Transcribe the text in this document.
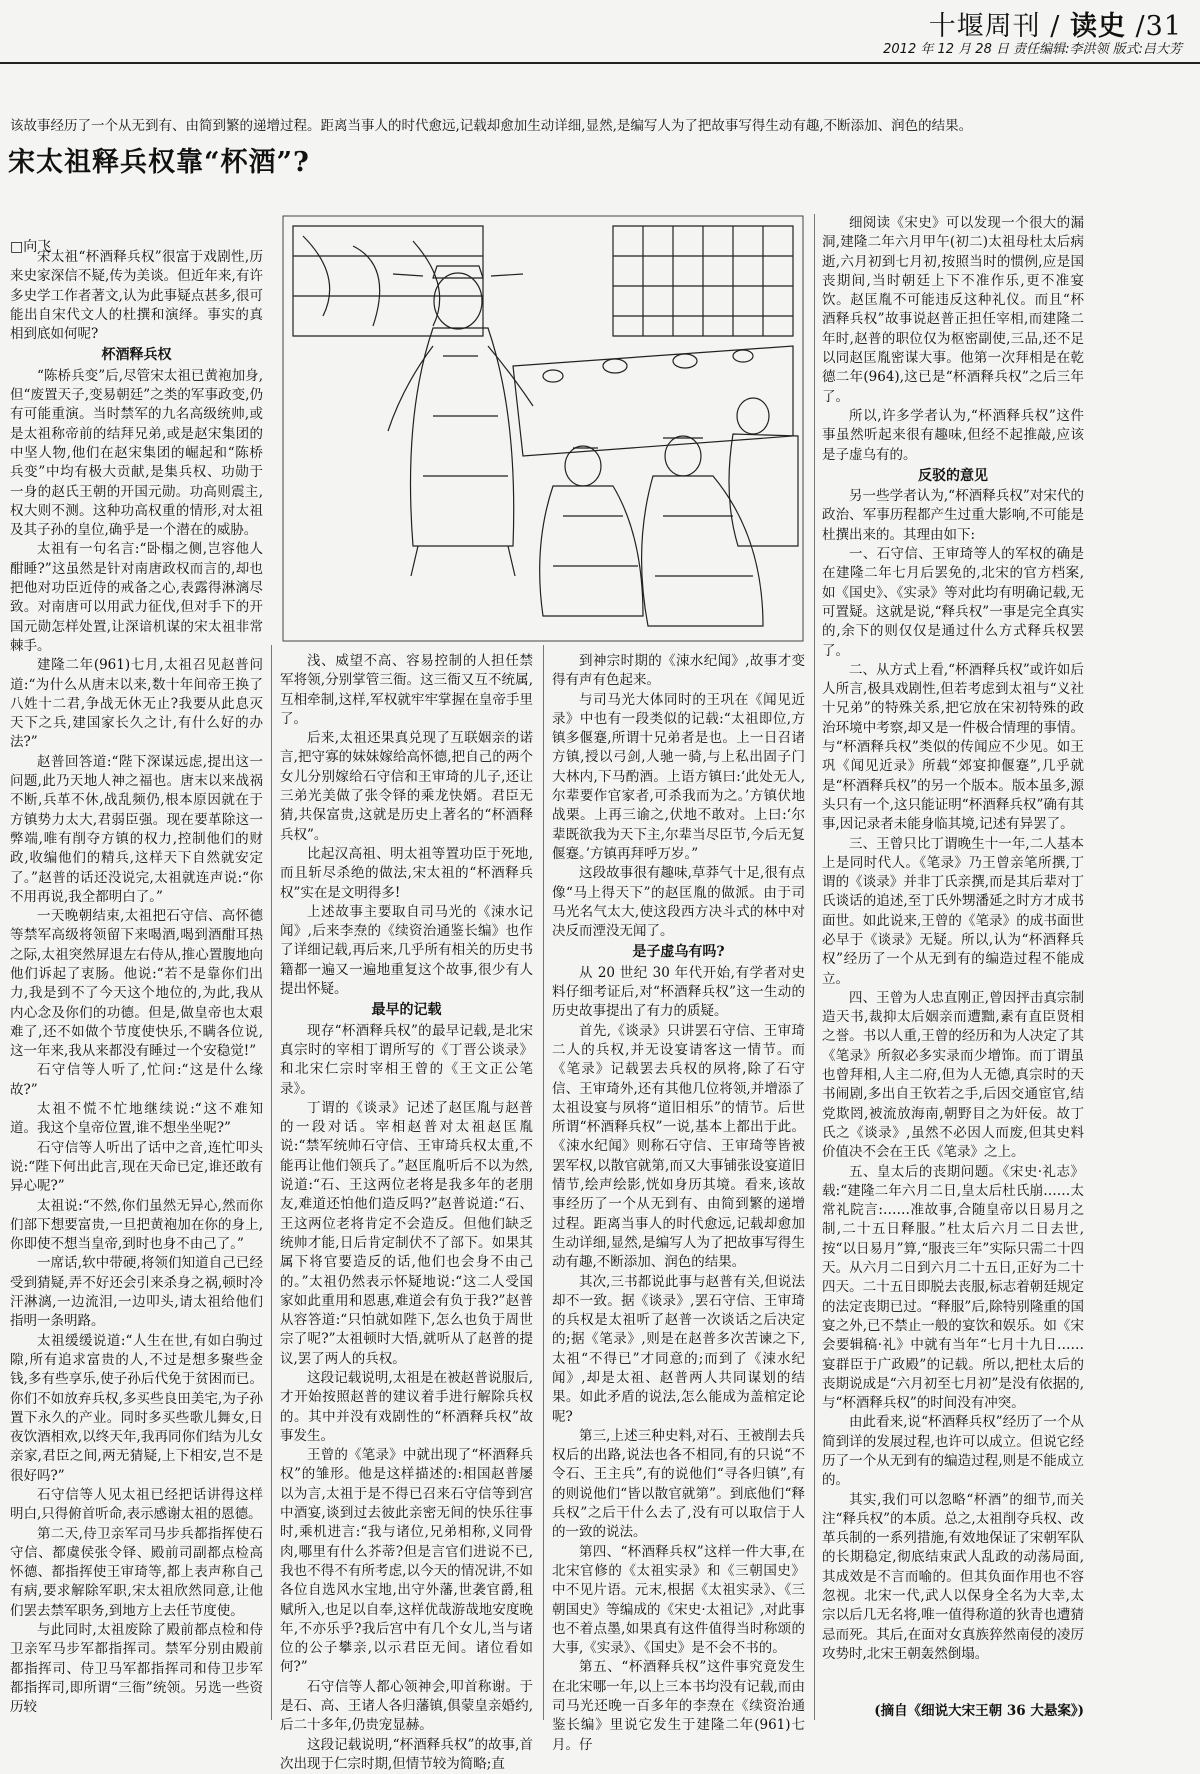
十堰周刊 / 读史 /31
2012 年 12 月 28 日 责任编辑:李洪领 版式:吕大芳
该故事经历了一个从无到有、由简到繁的递增过程。距离当事人的时代愈远,记载却愈加生动详细,显然,是编写人为了把故事写得生动有趣,不断添加、润色的结果。
宋太祖释兵权靠“杯酒”?
□向飞

宋太祖“杯酒释兵权”很富于戏剧性,历来史家深信不疑,传为美谈。但近年来,有许多史学工作者著文,认为此事疑点甚多,很可能出自宋代文人的杜撰和演绎。事实的真相到底如何呢?

杯酒释兵权

“陈桥兵变”后,尽管宋太祖已黄袍加身,但“废置天子,变易朝廷”之类的军事政变,仍有可能重演。当时禁军的九名高级统帅,或是太祖称帝前的结拜兄弟,或是赵宋集团的中坚人物,他们在赵宋集团的崛起和“陈桥兵变”中均有极大贡献,是集兵权、功勋于一身的赵氏王朝的开国元勋。功高则震主,权大则不测。这种功高权重的情形,对太祖及其子孙的皇位,确乎是一个潜在的威胁。

太祖有一句名言:“卧榻之侧,岂容他人酣睡?”这虽然是针对南唐政权而言的,却也把他对功臣近侍的戒备之心,表露得淋漓尽致。对南唐可以用武力征伐,但对手下的开国元勋怎样处置,让深谙机谋的宋太祖非常棘手。

建隆二年(961)七月,太祖召见赵普问道:“为什么从唐末以来,数十年间帝王换了八姓十二君,争战无休无止?我要从此息灭天下之兵,建国家长久之计,有什么好的办法?”

赵普回答道:“陛下深谋远虑,提出这一问题,此乃天地人神之福也。唐末以来战祸不断,兵革不休,战乱频仍,根本原因就在于方镇势力太大,君弱臣强。现在要革除这一弊端,唯有削夺方镇的权力,控制他们的财政,收编他们的精兵,这样天下自然就安定了。”赵普的话还没说完,太祖就连声说:“你不用再说,我全都明白了。”

一天晚朝结束,太祖把石守信、高怀德等禁军高级将领留下来喝酒,喝到酒酣耳热之际,太祖突然屏退左右侍从,推心置腹地向他们诉起了衷肠。他说:“若不是靠你们出力,我是到不了今天这个地位的,为此,我从内心念及你们的功德。但是,做皇帝也太艰难了,还不如做个节度使快乐,不瞒各位说,这一年来,我从来都没有睡过一个安稳觉!”

石守信等人听了,忙问:“这是什么缘故?”

太祖不慌不忙地继续说:“这不难知道。我这个皇帝位置,谁不想坐坐呢?”

石守信等人听出了话中之音,连忙叩头说:“陛下何出此言,现在天命已定,谁还敢有异心呢?”

太祖说:“不然,你们虽然无异心,然而你们部下想要富贵,一旦把黄袍加在你的身上,你即使不想当皇帝,到时也身不由己了。”

一席话,软中带硬,将领们知道自己已经受到猜疑,弄不好还会引来杀身之祸,顿时冷汗淋漓,一边流泪,一边叩头,请太祖给他们指明一条明路。

太祖缓缓说道:“人生在世,有如白驹过隙,所有追求富贵的人,不过是想多聚些金钱,多有些享乐,使子孙后代免于贫困而已。你们不如放弃兵权,多买些良田美宅,为子孙置下永久的产业。同时多买些歌儿舞女,日夜饮酒相欢,以终天年,我再同你们结为儿女亲家,君臣之间,两无猜疑,上下相安,岂不是很好吗?”

石守信等人见太祖已经把话讲得这样明白,只得俯首听命,表示感谢太祖的恩德。

第二天,侍卫亲军司马步兵都指挥使石守信、都虞侯张令铎、殿前司副都点检高怀德、都指挥使王审琦等,都上表声称自己有病,要求解除军职,宋太祖欣然同意,让他们罢去禁军职务,到地方上去任节度使。

与此同时,太祖废除了殿前都点检和侍卫亲军马步军都指挥司。禁军分别由殿前都指挥司、侍卫马军都指挥司和侍卫步军都指挥司,即所谓“三衙”统领。另选一些资历较

浅、威望不高、容易控制的人担任禁军将领,分别掌管三衙。这三衙又互不统属,互相牵制,这样,军权就牢牢掌握在皇帝手里了。

后来,太祖还果真兑现了互联姻亲的诺言,把守寡的妹妹嫁给高怀德,把自己的两个女儿分别嫁给石守信和王审琦的儿子,还让三弟光美做了张令铎的乘龙快婿。君臣无猜,共保富贵,这就是历史上著名的“杯酒释兵权”。

比起汉高祖、明太祖等置功臣于死地,而且斩尽杀绝的做法,宋太祖的“杯酒释兵权”实在是文明得多!

上述故事主要取自司马光的《涑水记闻》,后来李焘的《续资治通鉴长编》也作了详细记载,再后来,几乎所有相关的历史书籍都一遍又一遍地重复这个故事,很少有人提出怀疑。

最早的记载

现存“杯酒释兵权”的最早记载,是北宋真宗时的宰相丁谓所写的《丁晋公谈录》和北宋仁宗时宰相王曾的《王文正公笔录》。

丁谓的《谈录》记述了赵匡胤与赵普的一段对话。宰相赵普对太祖赵匡胤说:“禁军统帅石守信、王审琦兵权太重,不能再让他们领兵了。”赵匡胤听后不以为然,说道:“石、王这两位老将是我多年的老朋友,难道还怕他们造反吗?”赵普说道:“石、王这两位老将肯定不会造反。但他们缺乏统帅才能,日后肯定制伏不了部下。如果其属下将官要造反的话,他们也会身不由己的。”太祖仍然表示怀疑地说:“这二人受国家如此重用和恩惠,难道会有负于我?”赵普从容答道:“只怕就如陛下,怎么也负于周世宗了呢?”太祖顿时大悟,就听从了赵普的提议,罢了两人的兵权。

这段记载说明,太祖是在被赵普说服后,才开始按照赵普的建议着手进行解除兵权的。其中并没有戏剧性的“杯酒释兵权”故事发生。

王曾的《笔录》中就出现了“杯酒释兵权”的雏形。他是这样描述的:相国赵普屡以为言,太祖于是不得已召来石守信等到宫中酒宴,谈到过去彼此亲密无间的快乐往事时,乘机进言:“我与诸位,兄弟相称,义同骨肉,哪里有什么芥蒂?但是言官们进说不已,我也不得不有所考虑,以今天的情况讲,不如各位自选风水宝地,出守外藩,世袭官爵,租赋所入,也足以自奉,这样优哉游哉地安度晚年,不亦乐乎?我后宫中有几个女儿,当与诸位的公子攀亲,以示君臣无间。诸位看如何?”

石守信等人都心领神会,叩首称谢。于是石、高、王诸人各归藩镇,俱蒙皇亲婚约,后二十多年,仍贵宠显赫。

这段记载说明,“杯酒释兵权”的故事,首次出现于仁宗时期,但情节较为简略;直

到神宗时期的《涑水纪闻》,故事才变得有声有色起来。

与司马光大体同时的王巩在《闻见近录》中也有一段类似的记载:“太祖即位,方镇多偃蹇,所谓十兄弟者是也。上一日召诸方镇,授以弓剑,人驰一骑,与上私出固子门大林内,下马酌酒。上语方镇曰:‘此处无人,尔辈要作官家者,可杀我而为之。’方镇伏地战栗。上再三谕之,伏地不敢对。上曰:‘尔辈既欲我为天下主,尔辈当尽臣节,今后无复偃蹇。’方镇再拜呼万岁。”

这段故事很有趣味,草莽气十足,很有点像“马上得天下”的赵匡胤的做派。由于司马光名气太大,使这段西方决斗式的林中对决反而湮没无闻了。

是子虚乌有吗?

从 20 世纪 30 年代开始,有学者对史料仔细考证后,对“杯酒释兵权”这一生动的历史故事提出了有力的质疑。

首先,《谈录》只讲罢石守信、王审琦二人的兵权,并无设宴请客这一情节。而《笔录》记载罢去兵权的夙将,除了石守信、王审琦外,还有其他几位将领,并增添了太祖设宴与夙将“道旧相乐”的情节。后世所谓“杯酒释兵权”一说,基本上都出于此。《涑水纪闻》则称石守信、王审琦等皆被罢军权,以散官就第,而又大事铺张设宴道旧情节,绘声绘影,恍如身历其境。看来,该故事经历了一个从无到有、由简到繁的递增过程。距离当事人的时代愈远,记载却愈加生动详细,显然,是编写人为了把故事写得生动有趣,不断添加、润色的结果。

其次,三书都说此事与赵普有关,但说法却不一致。据《谈录》,罢石守信、王审琦的兵权是太祖听了赵普一次谈话之后决定的;据《笔录》,则是在赵普多次苦谏之下,太祖“不得已”才同意的;而到了《涑水纪闻》,却是太祖、赵普两人共同谋划的结果。如此矛盾的说法,怎么能成为盖棺定论呢?

第三,上述三种史料,对石、王被削去兵权后的出路,说法也各不相同,有的只说“不令石、王主兵”,有的说他们“寻各归镇”,有的则说他们“皆以散官就第”。到底他们“释兵权”之后干什么去了,没有可以取信于人的一致的说法。

第四、“杯酒释兵权”这样一件大事,在北宋官修的《太祖实录》和《三朝国史》中不见片语。元末,根据《太祖实录》、《三朝国史》等编成的《宋史·太祖记》,对此事也不着点墨,如果真有这件值得当时称颂的大事,《实录》、《国史》是不会不书的。

第五、“杯酒释兵权”这件事究竟发生在北宋哪一年,以上三本书均没有记载,而由司马光还晚一百多年的李焘在《续资治通鉴长编》里说它发生于建隆二年(961)七月。仔

细阅读《宋史》可以发现一个很大的漏洞,建隆二年六月甲午(初二)太祖母杜太后病逝,六月初到七月初,按照当时的惯例,应是国丧期间,当时朝廷上下不准作乐,更不准宴饮。赵匡胤不可能违反这种礼仪。而且“杯酒释兵权”故事说赵普正担任宰相,而建隆二年时,赵普的职位仅为枢密副使,三品,还不足以同赵匡胤密谋大事。他第一次拜相是在乾德二年(964),这已是“杯酒释兵权”之后三年了。

所以,许多学者认为,“杯酒释兵权”这件事虽然听起来很有趣味,但经不起推敲,应该是子虚乌有的。

反驳的意见

另一些学者认为,“杯酒释兵权”对宋代的政治、军事历程都产生过重大影响,不可能是杜撰出来的。其理由如下:

一、石守信、王审琦等人的军权的确是在建隆二年七月后罢免的,北宋的官方档案,如《国史》、《实录》等对此均有明确记载,无可置疑。这就是说,“释兵权”一事是完全真实的,余下的则仅仅是通过什么方式释兵权罢了。

二、从方式上看,“杯酒释兵权”或许如后人所言,极具戏剧性,但若考虑到太祖与“义社十兄弟”的特殊关系,把它放在宋初特殊的政治环境中考察,却又是一件极合情理的事情。与“杯酒释兵权”类似的传闻应不少见。如王巩《闻见近录》所载“郊宴抑偃蹇”,几乎就是“杯酒释兵权”的另一个版本。版本虽多,源头只有一个,这只能证明“杯酒释兵权”确有其事,因记录者未能身临其境,记述有异罢了。

三、王曾只比丁谓晚生十一年,二人基本上是同时代人。《笔录》乃王曾亲笔所撰,丁谓的《谈录》并非丁氏亲撰,而是其后辈对丁氏谈话的追述,至丁氏外甥潘延之时方才成书面世。如此说来,王曾的《笔录》的成书面世必早于《谈录》无疑。所以,认为“杯酒释兵权”经历了一个从无到有的编造过程不能成立。

四、王曾为人忠直刚正,曾因抨击真宗制造天书,裁抑太后姻亲而遭黜,素有直臣贤相之誉。书以人重,王曾的经历和为人决定了其《笔录》所叙必多实录而少增饰。而丁谓虽也曾拜相,人主二府,但为人无德,真宗时的天书闹剧,多出自王钦若之手,后因交通宦官,结党欺罔,被流放海南,朝野目之为奸佞。故丁氏之《谈录》,虽然不必因人而废,但其史料价值决不会在王氏《笔录》之上。

五、皇太后的丧期问题。《宋史·礼志》载:“建隆二年六月二日,皇太后杜氏崩……太常礼院言:……准故事,合随皇帝以日易月之制,二十五日释服。”杜太后六月二日去世,按“以日易月”算,“服丧三年”实际只需二十四天。从六月二日到六月二十五日,正好为二十四天。二十五日即脱去丧服,标志着朝廷规定的法定丧期已过。“释服”后,除特别隆重的国宴之外,已不禁止一般的宴饮和娱乐。如《宋会要辑稿·礼》中就有当年“七月十九日……宴群臣于广政殿”的记载。所以,把杜太后的丧期说成是“六月初至七月初”是没有依据的,与“杯酒释兵权”的时间没有冲突。

由此看来,说“杯酒释兵权”经历了一个从简到详的发展过程,也许可以成立。但说它经历了一个从无到有的编造过程,则是不能成立的。

其实,我们可以忽略“杯酒”的细节,而关注“释兵权”的本质。总之,太祖削夺兵权、改革兵制的一系列措施,有效地保证了宋朝军队的长期稳定,彻底结束武人乱政的动荡局面,其成效是不言而喻的。但其负面作用也不容忽视。北宋一代,武人以保身全名为大幸,太宗以后几无名将,唯一值得称道的狄青也遭猜忌而死。其后,在面对女真族猝然南侵的凌厉攻势时,北宋王朝轰然倒塌。

(摘自《细说大宋王朝 36 大悬案》)
